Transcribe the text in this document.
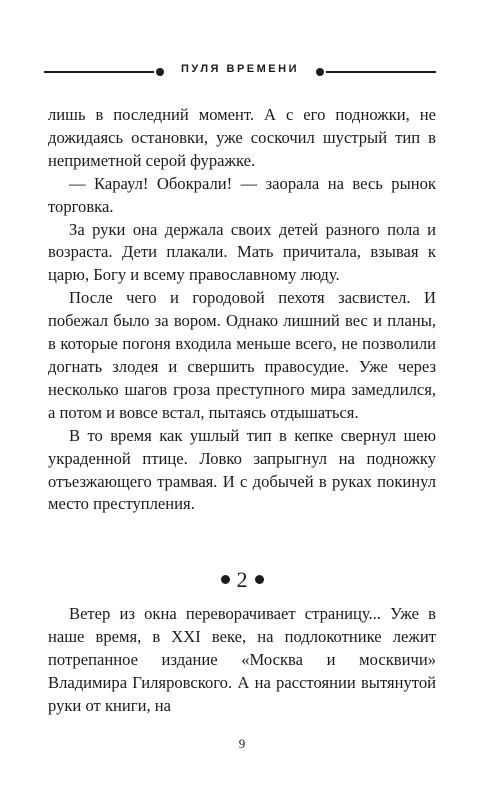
ПУЛЯ ВРЕМЕНИ

лишь в последний момент. А с его подножки, не дожидаясь остановки, уже соскочил шустрый тип в неприметной серой фуражке.

— Караул! Обокрали! — заорала на весь рынок торговка.

За руки она держала своих детей разного пола и возраста. Дети плакали. Мать причитала, взывая к царю, Богу и всему православному люду.

После чего и городовой пехотя засвистел. И побежал было за вором. Однако лишний вес и планы, в которые погоня входила меньше всего, не позволили догнать злодея и свершить правосудие. Уже через несколько шагов гроза преступного мира замедлился, а потом и вовсе встал, пытаясь отдышаться.

В то время как ушлый тип в кепке свернул шею украденной птице. Ловко запрыгнул на подножку отъезжающего трамвая. И с добычей в руках покинул место преступления.

2

Ветер из окна переворачивает страницу... Уже в наше время, в XXI веке, на подлокотнике лежит потрепанное издание «Москва и москвичи» Владимира Гиляровского. А на расстоянии вытянутой руки от книги, на

9
